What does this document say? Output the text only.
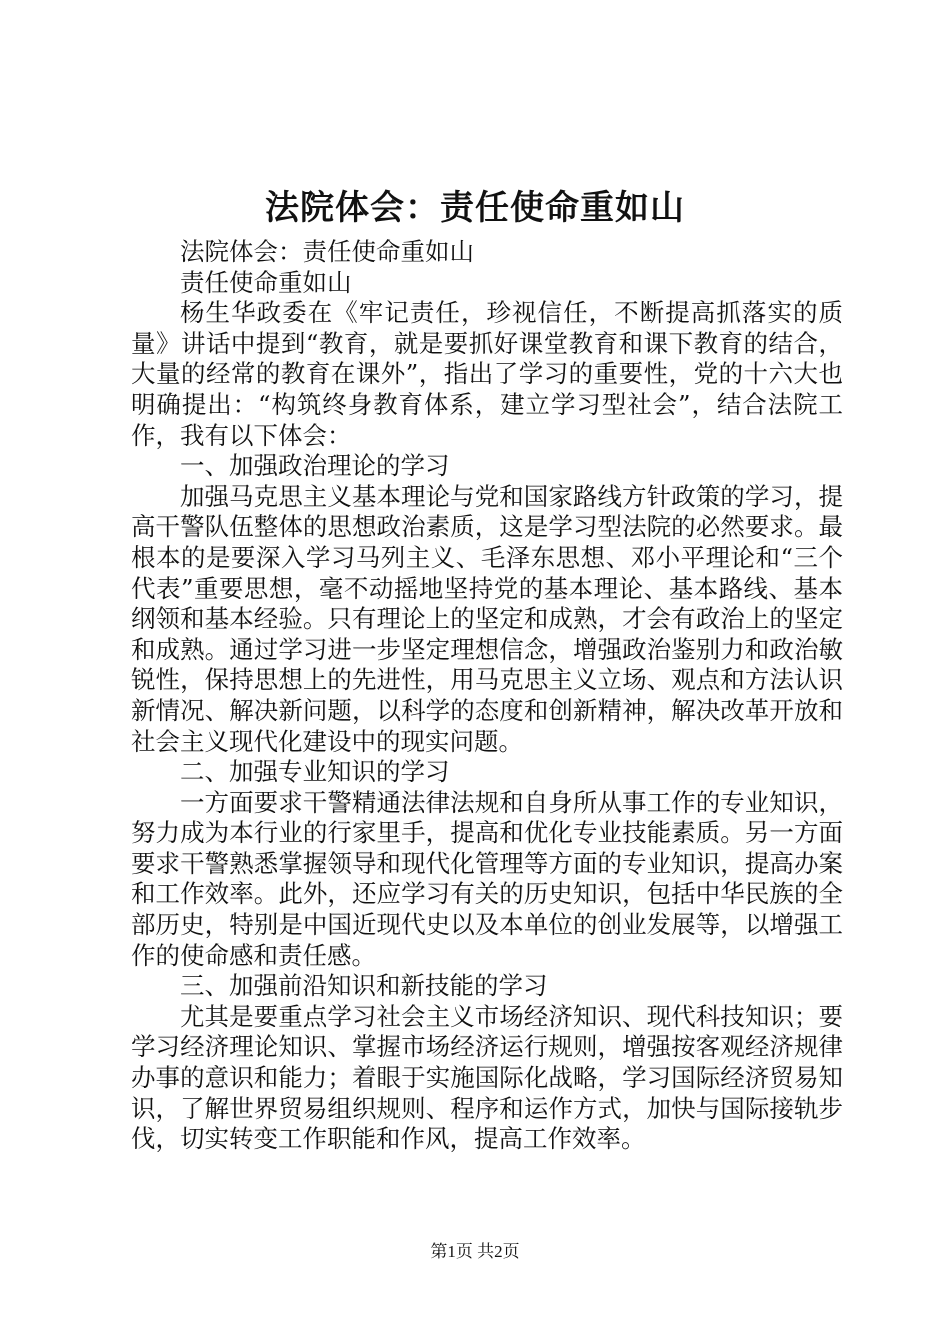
法院体会：责任使命重如山

法院体会：责任使命重如山

责任使命重如山

杨生华政委在《牢记责任，珍视信任，不断提高抓落实的质量》讲话中提到“教育，就是要抓好课堂教育和课下教育的结合，大量的经常的教育在课外”，指出了学习的重要性，党的十六大也明确提出：“构筑终身教育体系，建立学习型社会”，结合法院工作，我有以下体会：

一、加强政治理论的学习

加强马克思主义基本理论与党和国家路线方针政策的学习，提高干警队伍整体的思想政治素质，这是学习型法院的必然要求。最根本的是要深入学习马列主义、毛泽东思想、邓小平理论和“三个代表”重要思想，毫不动摇地坚持党的基本理论、基本路线、基本纲领和基本经验。只有理论上的坚定和成熟，才会有政治上的坚定和成熟。通过学习进一步坚定理想信念，增强政治鉴别力和政治敏锐性，保持思想上的先进性，用马克思主义立场、观点和方法认识新情况、解决新问题，以科学的态度和创新精神，解决改革开放和社会主义现代化建设中的现实问题。

二、加强专业知识的学习

一方面要求干警精通法律法规和自身所从事工作的专业知识，努力成为本行业的行家里手，提高和优化专业技能素质。另一方面要求干警熟悉掌握领导和现代化管理等方面的专业知识，提高办案和工作效率。此外，还应学习有关的历史知识，包括中华民族的全部历史，特别是中国近现代史以及本单位的创业发展等，以增强工作的使命感和责任感。

三、加强前沿知识和新技能的学习

尤其是要重点学习社会主义市场经济知识、现代科技知识；要学习经济理论知识、掌握市场经济运行规则，增强按客观经济规律办事的意识和能力；着眼于实施国际化战略，学习国际经济贸易知识，了解世界贸易组织规则、程序和运作方式，加快与国际接轨步伐，切实转变工作职能和作风，提高工作效率。

第1页 共2页
